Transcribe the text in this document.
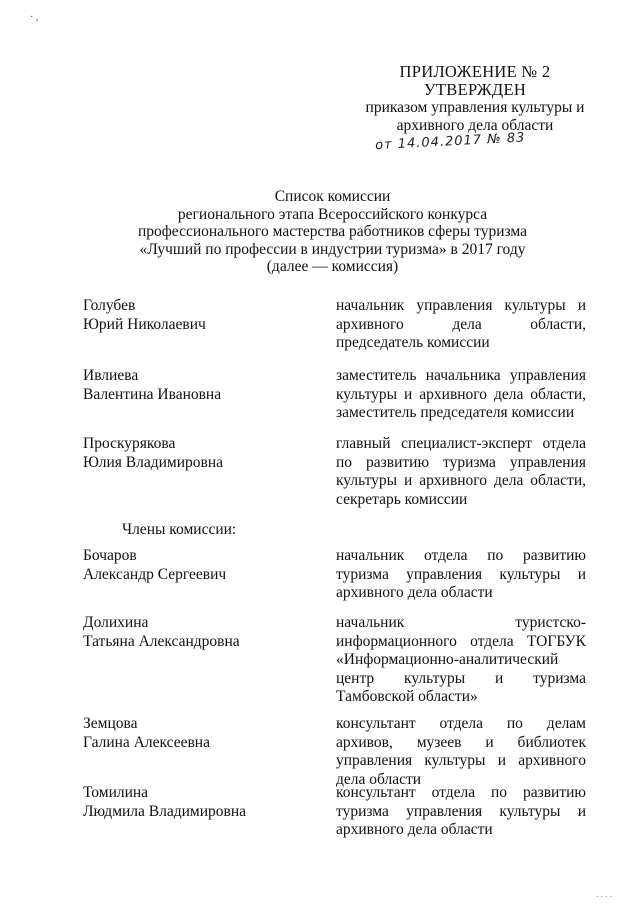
· ,
ПРИЛОЖЕНИЕ № 2
УТВЕРЖДЕН
приказом управления культуры и
архивного дела области
от 14.04.2017 № 83
Список комиссии
регионального этапа Всероссийского конкурса
профессионального мастерства работников сферы туризма
«Лучший по профессии в индустрии туризма» в 2017 году
(далее — комиссия)
Голубев
Юрий Николаевич
начальник управления культуры и архивного дела области, председатель комиссии
Ивлиева
Валентина Ивановна
заместитель начальника управления культуры и архивного дела области, заместитель председателя комиссии
Проскурякова
Юлия Владимировна
главный специалист-эксперт отдела по развитию туризма управления культуры и архивного дела области, секретарь комиссии
Члены комиссии:
Бочаров
Александр Сергеевич
начальник отдела по развитию туризма управления культуры и архивного дела области
Долихина
Татьяна Александровна
начальник туристско-информационного отдела ТОГБУК «Информационно-аналитический центр культуры и туризма Тамбовской области»
Земцова
Галина Алексеевна
консультант отдела по делам архивов, музеев и библиотек управления культуры и архивного дела области
Томилина
Людмила Владимировна
консультант отдела по развитию туризма управления культуры и архивного дела области
. . . .
